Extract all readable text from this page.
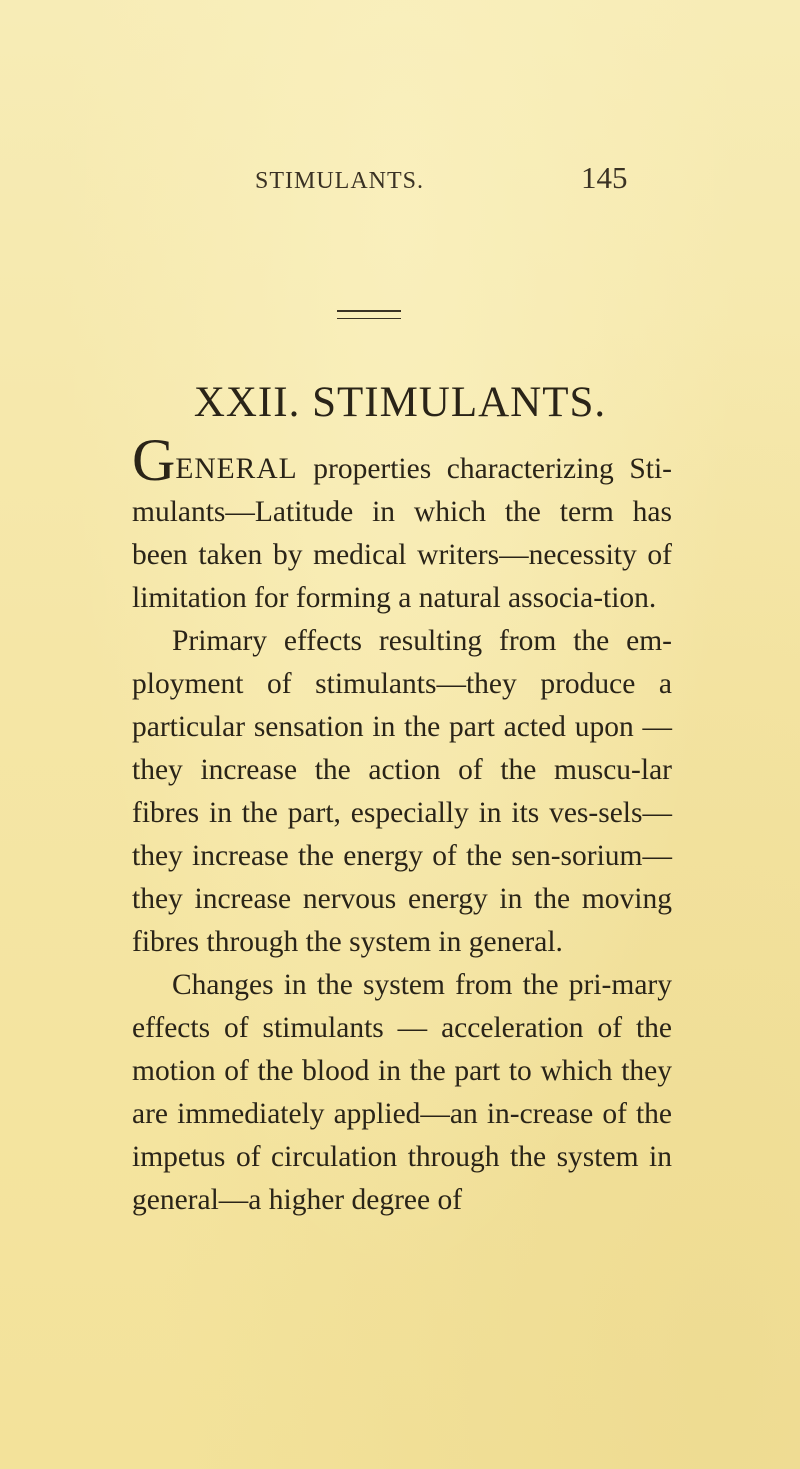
STIMULANTS.	145
XXII. STIMULANTS.

GENERAL properties characterizing Sti-mulants—Latitude in which the term has been taken by medical writers—necessity of limitation for forming a natural associa-tion.

Primary effects resulting from the em-ployment of stimulants—they produce a particular sensation in the part acted upon —they increase the action of the muscu-lar fibres in the part, especially in its ves-sels—they increase the energy of the sen-sorium—they increase nervous energy in the moving fibres through the system in general.

Changes in the system from the pri-mary effects of stimulants — acceleration of the motion of the blood in the part to which they are immediately applied—an in-crease of the impetus of circulation through the system in general—a higher degree of
